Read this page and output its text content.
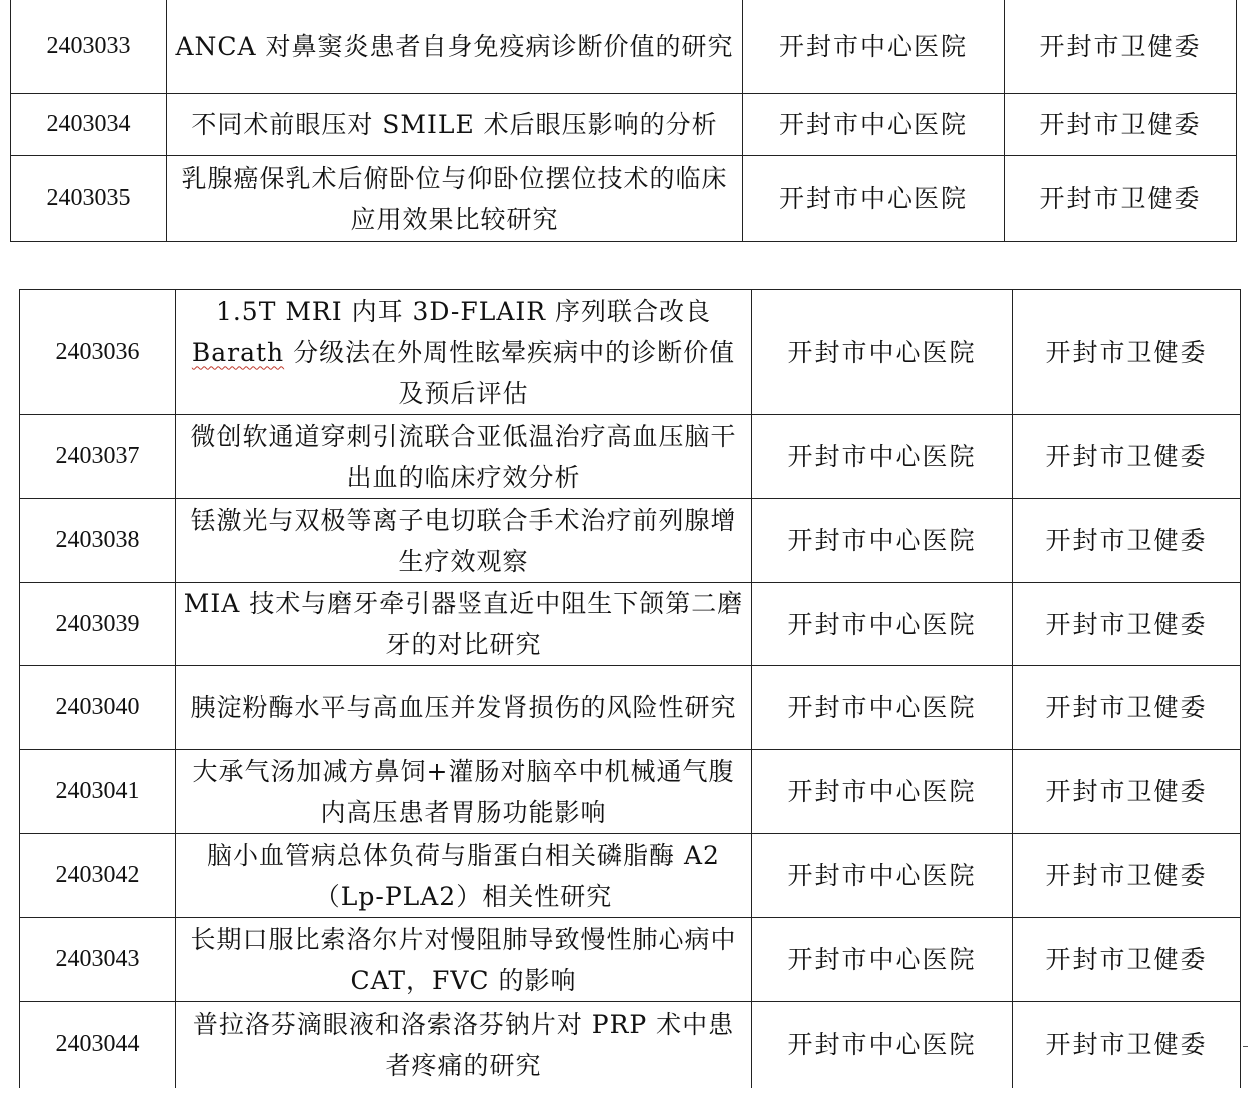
2403033	ANCA 对鼻窦炎患者自身免疫病诊断价值的研究	开封市中心医院	开封市卫健委
2403034	不同术前眼压对 SMILE 术后眼压影响的分析	开封市中心医院	开封市卫健委
2403035	乳腺癌保乳术后俯卧位与仰卧位摆位技术的临床应用效果比较研究	开封市中心医院	开封市卫健委
2403036	1.5T MRI 内耳 3D-FLAIR 序列联合改良 Barath 分级法在外周性眩晕疾病中的诊断价值及预后评估	开封市中心医院	开封市卫健委
2403037	微创软通道穿刺引流联合亚低温治疗高血压脑干出血的临床疗效分析	开封市中心医院	开封市卫健委
2403038	铥激光与双极等离子电切联合手术治疗前列腺增生疗效观察	开封市中心医院	开封市卫健委
2403039	MIA 技术与磨牙牵引器竖直近中阻生下颌第二磨牙的对比研究	开封市中心医院	开封市卫健委
2403040	胰淀粉酶水平与高血压并发肾损伤的风险性研究	开封市中心医院	开封市卫健委
2403041	大承气汤加减方鼻饲+灌肠对脑卒中机械通气腹内高压患者胃肠功能影响	开封市中心医院	开封市卫健委
2403042	脑小血管病总体负荷与脂蛋白相关磷脂酶 A2（Lp-PLA2）相关性研究	开封市中心医院	开封市卫健委
2403043	长期口服比索洛尔片对慢阻肺导致慢性肺心病中 CAT，FVC 的影响	开封市中心医院	开封市卫健委
2403044	普拉洛芬滴眼液和洛索洛芬钠片对 PRP 术中患者疼痛的研究	开封市中心医院	开封市卫健委
